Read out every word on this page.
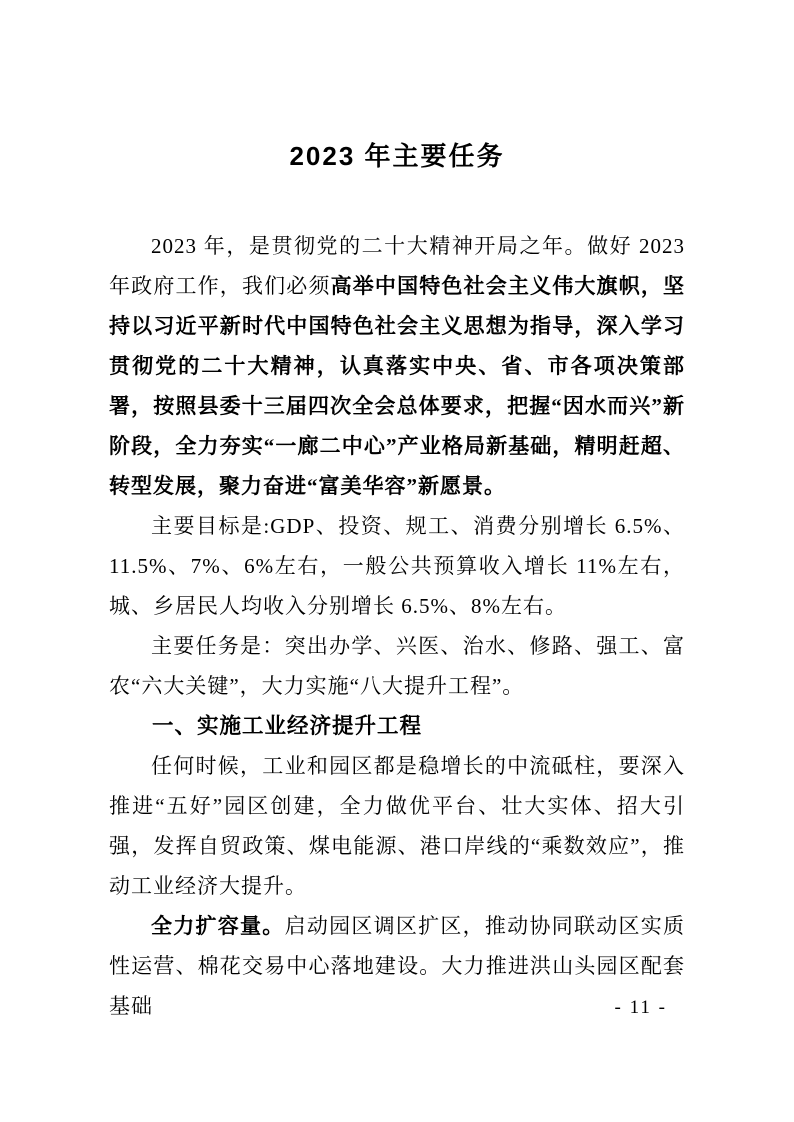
2023 年主要任务

2023 年，是贯彻党的二十大精神开局之年。做好 2023 年政府工作，我们必须高举中国特色社会主义伟大旗帜，坚持以习近平新时代中国特色社会主义思想为指导，深入学习贯彻党的二十大精神，认真落实中央、省、市各项决策部署，按照县委十三届四次全会总体要求，把握“因水而兴”新阶段，全力夯实“一廊二中心”产业格局新基础，精明赶超、转型发展，聚力奋进“富美华容”新愿景。

主要目标是:GDP、投资、规工、消费分别增长 6.5%、11.5%、7%、6%左右，一般公共预算收入增长 11%左右，城、乡居民人均收入分别增长 6.5%、8%左右。

主要任务是：突出办学、兴医、治水、修路、强工、富农“六大关键”，大力实施“八大提升工程”。

一、实施工业经济提升工程

任何时候，工业和园区都是稳增长的中流砥柱，要深入推进“五好”园区创建，全力做优平台、壮大实体、招大引强，发挥自贸政策、煤电能源、港口岸线的“乘数效应”，推动工业经济大提升。

全力扩容量。启动园区调区扩区，推动协同联动区实质性运营、棉花交易中心落地建设。大力推进洪山头园区配套基础	- 11 -
